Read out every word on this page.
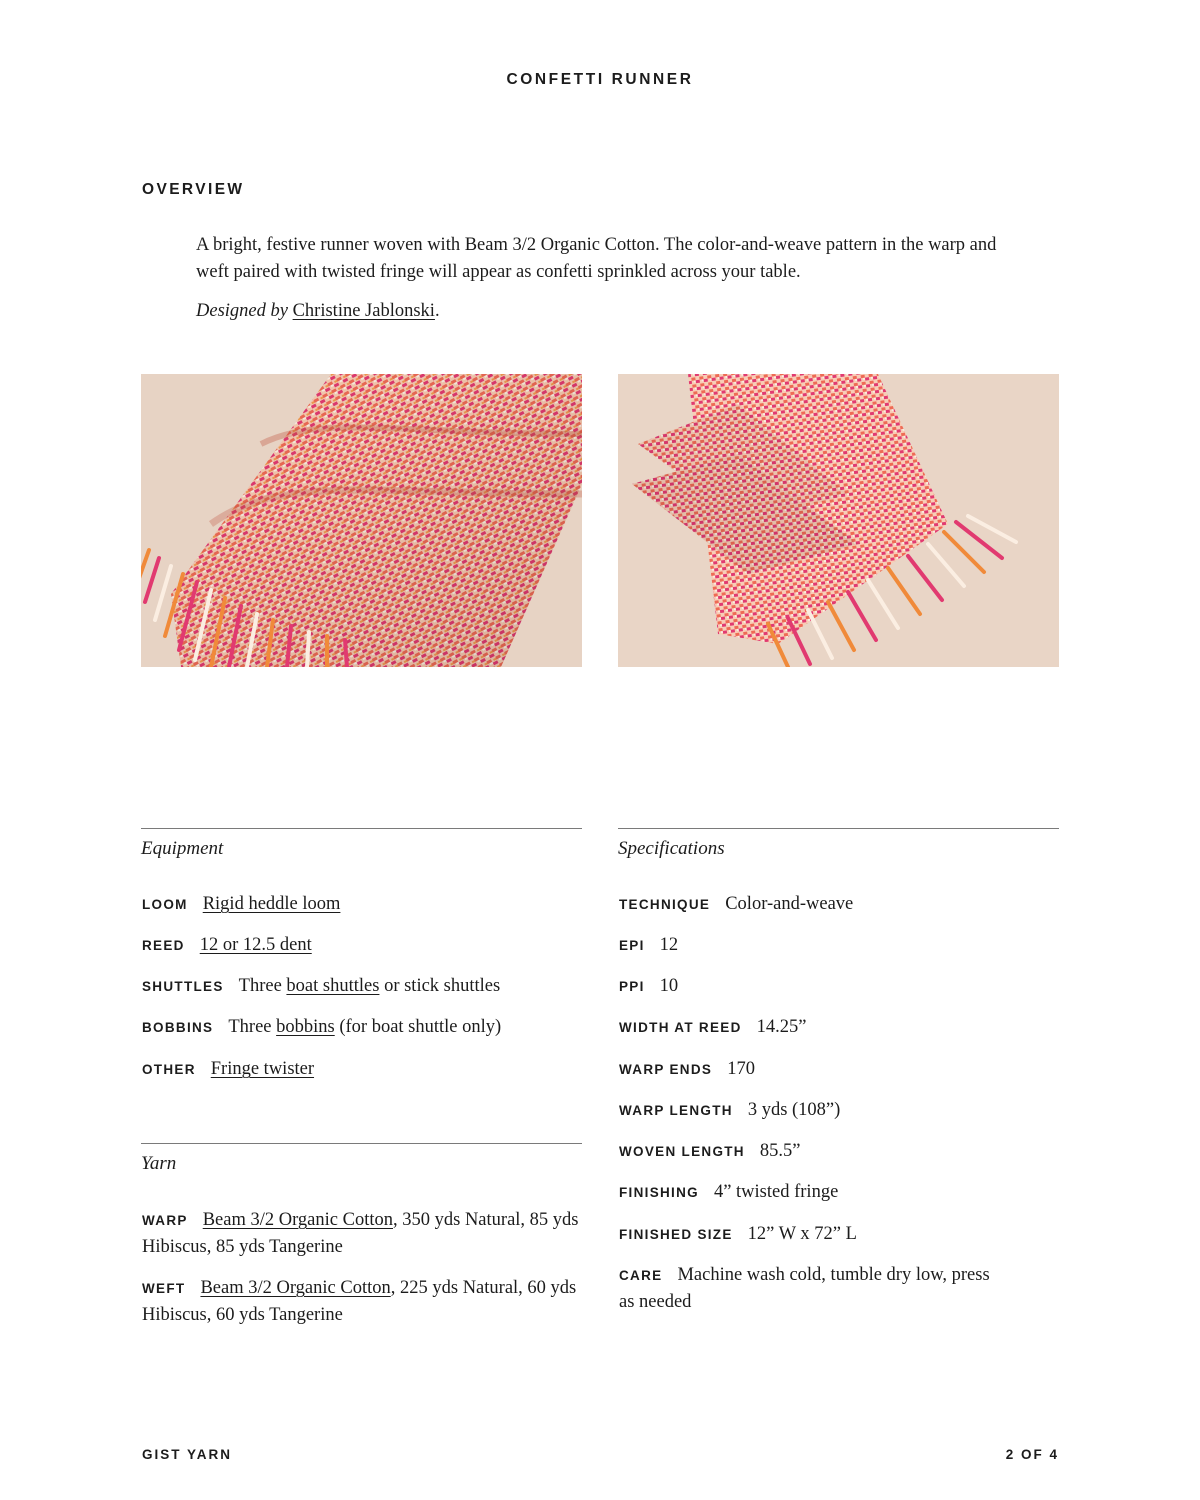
CONFETTI RUNNER
OVERVIEW

A bright, festive runner woven with Beam 3/2 Organic Cotton. The color-and-weave pattern in the warp and weft paired with twisted fringe will appear as confetti sprinkled across your table.

Designed by Christine Jablonski.

Equipment
LOOM Rigid heddle loom
REED 12 or 12.5 dent
SHUTTLES Three boat shuttles or stick shuttles
BOBBINS Three bobbins (for boat shuttle only)
OTHER Fringe twister
Yarn
WARP Beam 3/2 Organic Cotton, 350 yds Natural, 85 yds Hibiscus, 85 yds Tangerine
WEFT Beam 3/2 Organic Cotton, 225 yds Natural, 60 yds Hibiscus, 60 yds Tangerine
Specifications
TECHNIQUE Color-and-weave
EPI 12
PPI 10
WIDTH AT REED 14.25”
WARP ENDS 170
WARP LENGTH 3 yds (108”)
WOVEN LENGTH 85.5”
FINISHING 4” twisted fringe
FINISHED SIZE 12” W x 72” L
CARE Machine wash cold, tumble dry low, press as needed
GIST YARN	2 OF 4
